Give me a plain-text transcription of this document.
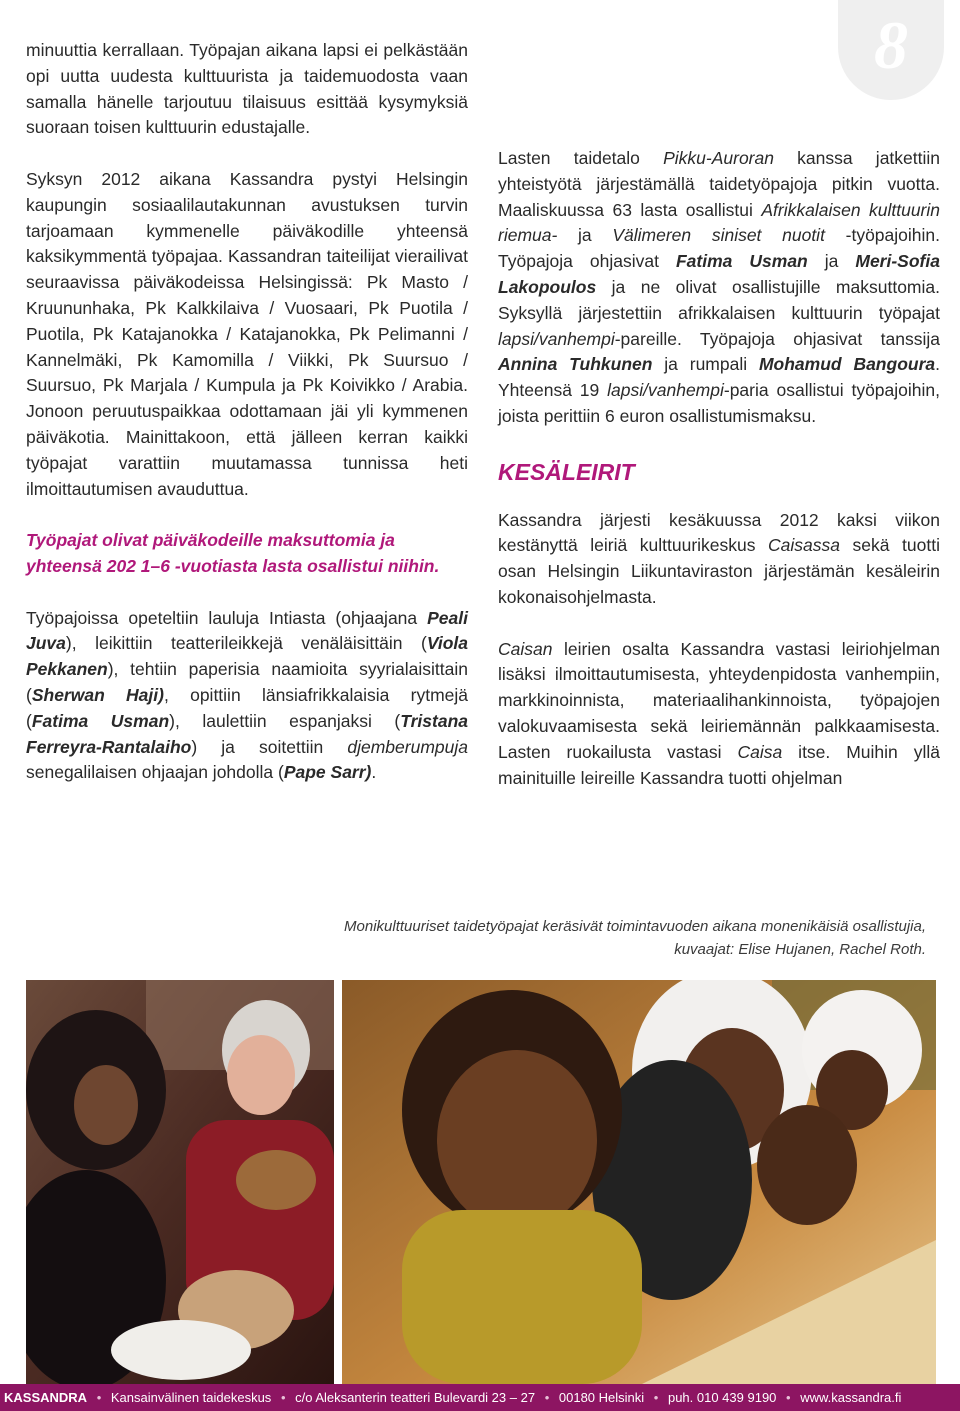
8

minuuttia kerrallaan. Työpajan aikana lapsi ei pelkästään opi uutta uudesta kulttuurista ja taidemuodosta vaan samalla hänelle tarjoutuu tilaisuus esittää kysymyksiä suoraan toisen kulttuurin edustajalle.

Syksyn 2012 aikana Kassandra pystyi Helsingin kaupungin sosiaalilautakunnan avustuksen turvin tarjoamaan kymmenelle päiväkodille yhteensä kaksikymmentä työpajaa. Kassandran taiteilijat vierailivat seuraavissa päiväkodeissa Helsingissä: Pk Masto / Kruununhaka, Pk Kalkkilaiva / Vuosaari, Pk Puotila / Puotila, Pk Katajanokka / Katajanokka, Pk Pelimanni / Kannelmäki, Pk Kamomilla / Viikki, Pk Suursuo / Suursuo, Pk Marjala / Kumpula ja Pk Koivikko / Arabia. Jonoon peruutuspaikkaa odottamaan jäi yli kymmenen päiväkotia. Mainittakoon, että jälleen kerran kaikki työpajat varattiin muutamassa tunnissa heti ilmoittautumisen avauduttua.

Työpajat olivat päiväkodeille maksuttomia ja yhteensä 202 1–6 -vuotiasta lasta osallistui niihin.

Työpajoissa opeteltiin lauluja Intiasta (ohjaajana Peali Juva), leikittiin teatterileikkejä venäläisittäin (Viola Pekkanen), tehtiin paperisia naamioita syyrialaisittain (Sherwan Haji), opittiin länsiafrikkalaisia rytmejä (Fatima Usman), laulettiin espanjaksi (Tristana Ferreyra-Rantalaiho) ja soitettiin djemberumpuja senegalilaisen ohjaajan johdolla (Pape Sarr).

Lasten taidetalo Pikku-Auroran kanssa jatkettiin yhteistyötä järjestämällä taidetyöpajoja pitkin vuotta. Maaliskuussa 63 lasta osallistui Afrikkalaisen kulttuurin riemua- ja Välimeren siniset nuotit -työpajoihin. Työpajoja ohjasivat Fatima Usman ja Meri-Sofia Lakopoulos ja ne olivat osallistujille maksuttomia. Syksyllä järjestettiin afrikkalaisen kulttuurin työpajat lapsi/vanhempi-pareille. Työpajoja ohjasivat tanssija Annina Tuhkunen ja rumpali Mohamud Bangoura. Yhteensä 19 lapsi/vanhempi-paria osallistui työpajoihin, joista perittiin 6 euron osallistumismaksu.

KESÄLEIRIT

Kassandra järjesti kesäkuussa 2012 kaksi viikon kestänyttä leiriä kulttuurikeskus Caisassa sekä tuotti osan Helsingin Liikuntaviraston järjestämän kesäleirin kokonaisohjelmasta.

Caisan leirien osalta Kassandra vastasi leiriohjelman lisäksi ilmoittautumisesta, yhteydenpidosta vanhempiin, markkinoinnista, materiaalihankinnoista, työpajojen valokuvaamisesta sekä leiriemännän palkkaamisesta. Lasten ruokailusta vastasi Caisa itse. Muihin yllä mainituille leireille Kassandra tuotti ohjelman

Monikulttuuriset taidetyöpajat keräsivät toimintavuoden aikana monenikäisiä osallistujia,
kuvaajat: Elise Hujanen, Rachel Roth.
KASSANDRA • Kansainvälinen taidekeskus • c/o Aleksanterin teatteri Bulevardi 23 – 27 • 00180 Helsinki • puh. 010 439 9190 • www.kassandra.fi
